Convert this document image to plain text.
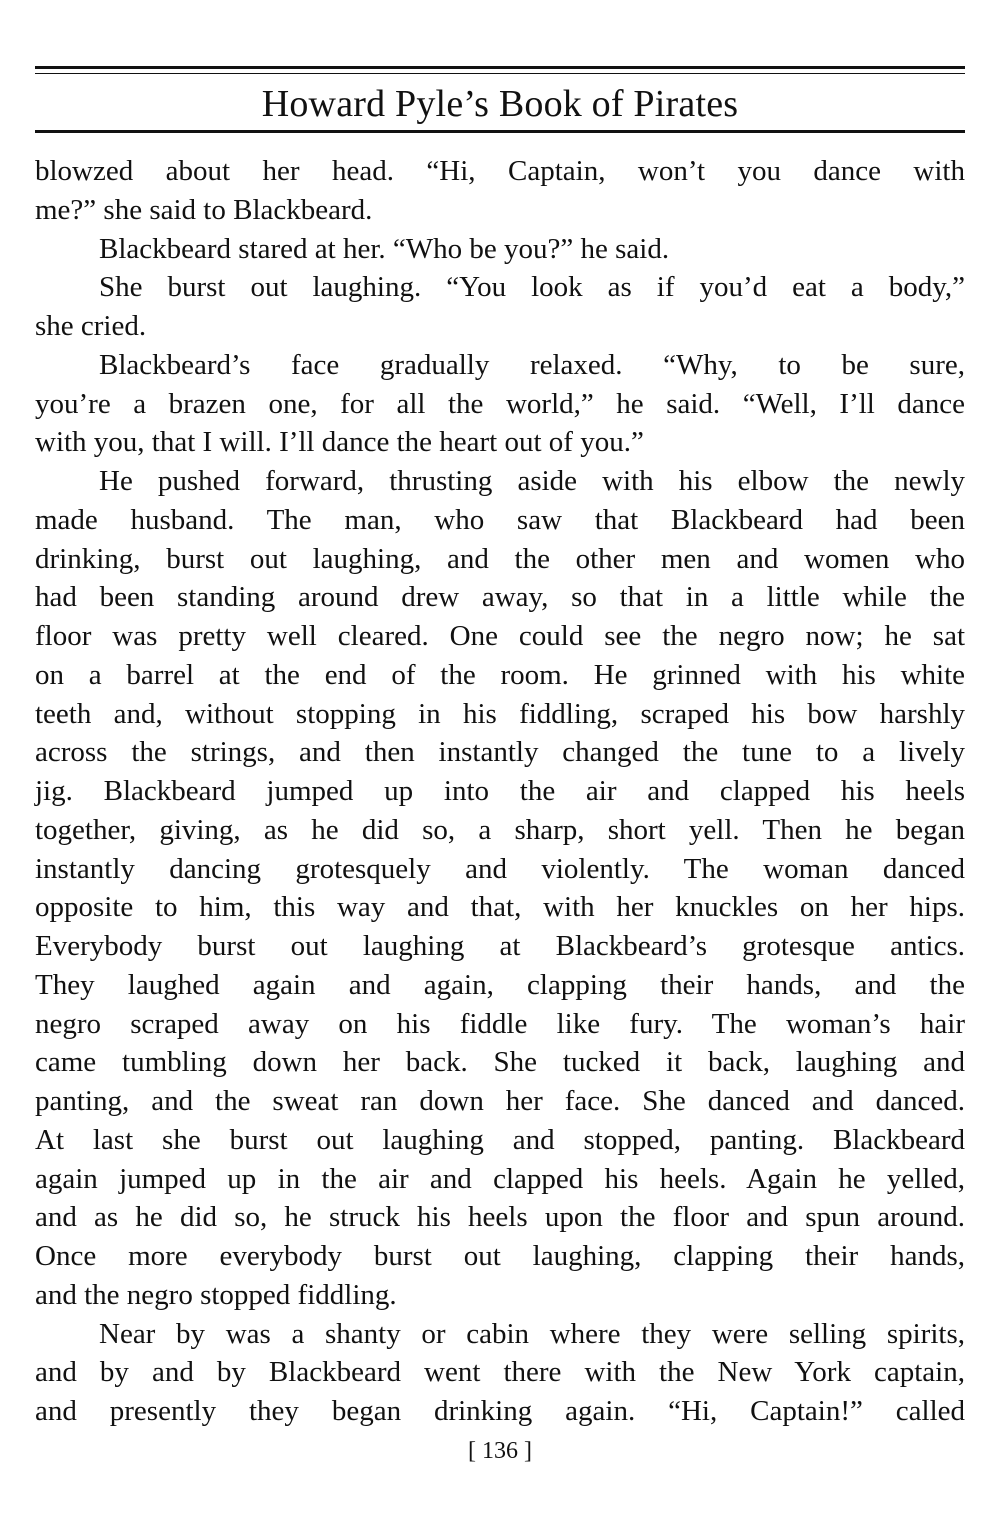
Howard Pyle’s Book of Pirates
blowzed about her head. “Hi, Captain, won’t you dance with
me?” she said to Blackbeard.
Blackbeard stared at her. “Who be you?” he said.
She burst out laughing. “You look as if you’d eat a body,”
she cried.
Blackbeard’s face gradually relaxed. “Why, to be sure,
you’re a brazen one, for all the world,” he said. “Well, I’ll dance
with you, that I will. I’ll dance the heart out of you.”
He pushed forward, thrusting aside with his elbow the newly
made husband. The man, who saw that Blackbeard had been
drinking, burst out laughing, and the other men and women who
had been standing around drew away, so that in a little while the
floor was pretty well cleared. One could see the negro now; he sat
on a barrel at the end of the room. He grinned with his white
teeth and, without stopping in his fiddling, scraped his bow harshly
across the strings, and then instantly changed the tune to a lively
jig. Blackbeard jumped up into the air and clapped his heels
together, giving, as he did so, a sharp, short yell. Then he began
instantly dancing grotesquely and violently. The woman danced
opposite to him, this way and that, with her knuckles on her hips.
Everybody burst out laughing at Blackbeard’s grotesque antics.
They laughed again and again, clapping their hands, and the
negro scraped away on his fiddle like fury. The woman’s hair
came tumbling down her back. She tucked it back, laughing and
panting, and the sweat ran down her face. She danced and danced.
At last she burst out laughing and stopped, panting. Blackbeard
again jumped up in the air and clapped his heels. Again he yelled,
and as he did so, he struck his heels upon the floor and spun around.
Once more everybody burst out laughing, clapping their hands,
and the negro stopped fiddling.
Near by was a shanty or cabin where they were selling spirits,
and by and by Blackbeard went there with the New York captain,
and presently they began drinking again. “Hi, Captain!” called
[ 136 ]
